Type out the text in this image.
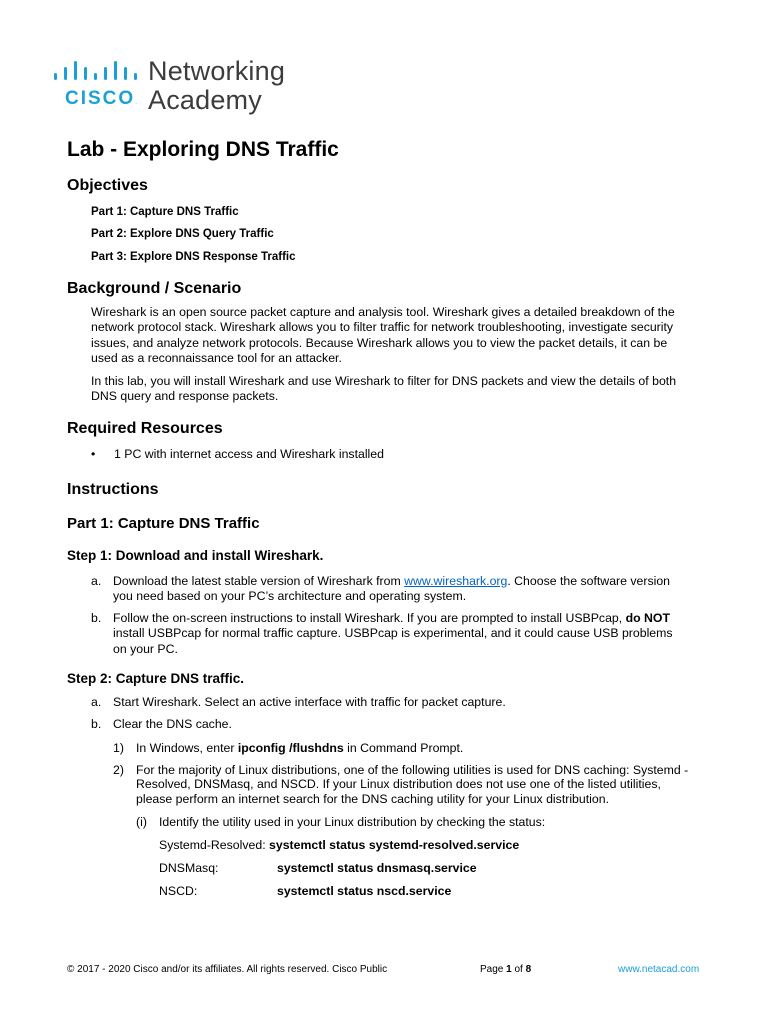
CISCO.
Networking
Academy
Lab - Exploring DNS Traffic
Objectives
Part 1: Capture DNS Traffic
Part 2: Explore DNS Query Traffic
Part 3: Explore DNS Response Traffic
Background / Scenario
Wireshark is an open source packet capture and analysis tool. Wireshark gives a detailed breakdown of the
network protocol stack. Wireshark allows you to filter traffic for network troubleshooting, investigate security
issues, and analyze network protocols. Because Wireshark allows you to view the packet details, it can be
used as a reconnaissance tool for an attacker.
In this lab, you will install Wireshark and use Wireshark to filter for DNS packets and view the details of both
DNS query and response packets.
Required Resources
• 1 PC with internet access and Wireshark installed
Instructions
Part 1: Capture DNS Traffic
Step 1: Download and install Wireshark.
a. Download the latest stable version of Wireshark from www.wireshark.org. Choose the software version
you need based on your PC’s architecture and operating system.
b. Follow the on-screen instructions to install Wireshark. If you are prompted to install USBPcap, do NOT
install USBPcap for normal traffic capture. USBPcap is experimental, and it could cause USB problems
on your PC.
Step 2: Capture DNS traffic.
a. Start Wireshark. Select an active interface with traffic for packet capture.
b. Clear the DNS cache.
1) In Windows, enter ipconfig /flushdns in Command Prompt.
2) For the majority of Linux distributions, one of the following utilities is used for DNS caching: Systemd -
Resolved, DNSMasq, and NSCD. If your Linux distribution does not use one of the listed utilities,
please perform an internet search for the DNS caching utility for your Linux distribution.
(i) Identify the utility used in your Linux distribution by checking the status:
Systemd-Resolved: systemctl status systemd-resolved.service
DNSMasq:	systemctl status dnsmasq.service
NSCD:	systemctl status nscd.service
© 2017 - 2020 Cisco and/or its affiliates. All rights reserved. Cisco Public	Page 1 of 8	www.netacad.com
